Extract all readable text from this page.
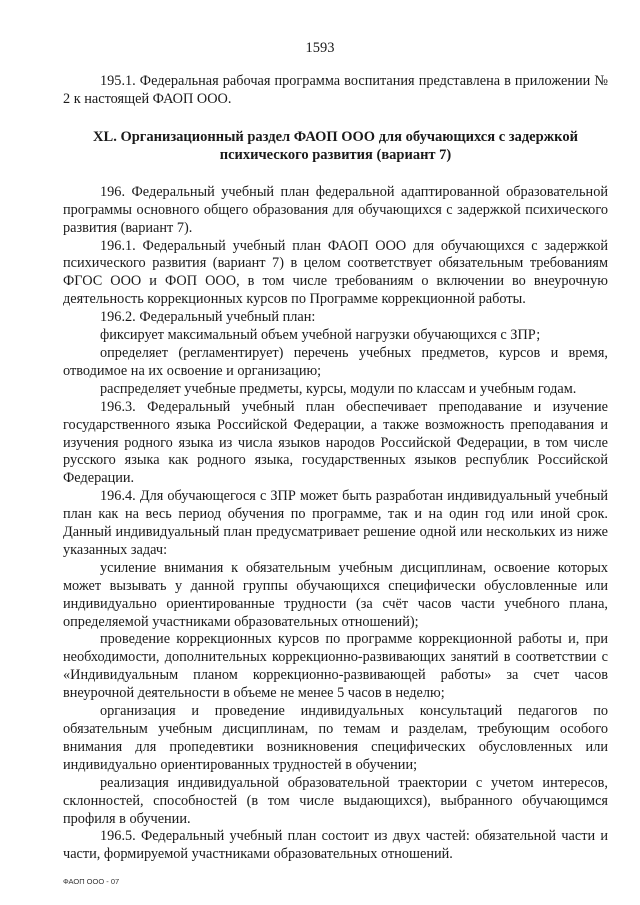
1593

195.1. Федеральная рабочая программа воспитания представлена в приложении № 2 к настоящей ФАОП ООО.

XL. Организационный раздел ФАОП ООО для обучающихся с задержкой психического развития (вариант 7)

196. Федеральный учебный план федеральной адаптированной образовательной программы основного общего образования для обучающихся с задержкой психического развития (вариант 7).

196.1. Федеральный учебный план ФАОП ООО для обучающихся с задержкой психического развития (вариант 7) в целом соответствует обязательным требованиям ФГОС ООО и ФОП ООО, в том числе требованиям о включении во внеурочную деятельность коррекционных курсов по Программе коррекционной работы.

196.2. Федеральный учебный план:

фиксирует максимальный объем учебной нагрузки обучающихся с ЗПР;

определяет (регламентирует) перечень учебных предметов, курсов и время, отводимое на их освоение и организацию;

распределяет учебные предметы, курсы, модули по классам и учебным годам.

196.3. Федеральный учебный план обеспечивает преподавание и изучение государственного языка Российской Федерации, а также возможность преподавания и изучения родного языка из числа языков народов Российской Федерации, в том числе русского языка как родного языка, государственных языков республик Российской Федерации.

196.4. Для обучающегося с ЗПР может быть разработан индивидуальный учебный план как на весь период обучения по программе, так и на один год или иной срок. Данный индивидуальный план предусматривает решение одной или нескольких из ниже указанных задач:

усиление внимания к обязательным учебным дисциплинам, освоение которых может вызывать у данной группы обучающихся специфически обусловленные или индивидуально ориентированные трудности (за счёт часов части учебного плана, определяемой участниками образовательных отношений);

проведение коррекционных курсов по программе коррекционной работы и, при необходимости, дополнительных коррекционно-развивающих занятий в соответствии с «Индивидуальным планом коррекционно-развивающей работы» за счет часов внеурочной деятельности в объеме не менее 5 часов в неделю;

организация и проведение индивидуальных консультаций педагогов по обязательным учебным дисциплинам, по темам и разделам, требующим особого внимания для пропедевтики возникновения специфических обусловленных или индивидуально ориентированных трудностей в обучении;

реализация индивидуальной образовательной траектории с учетом интересов, склонностей, способностей (в том числе выдающихся), выбранного обучающимся профиля в обучении.

196.5. Федеральный учебный план состоит из двух частей: обязательной части и части, формируемой участниками образовательных отношений.

ФАОП ООО - 07
